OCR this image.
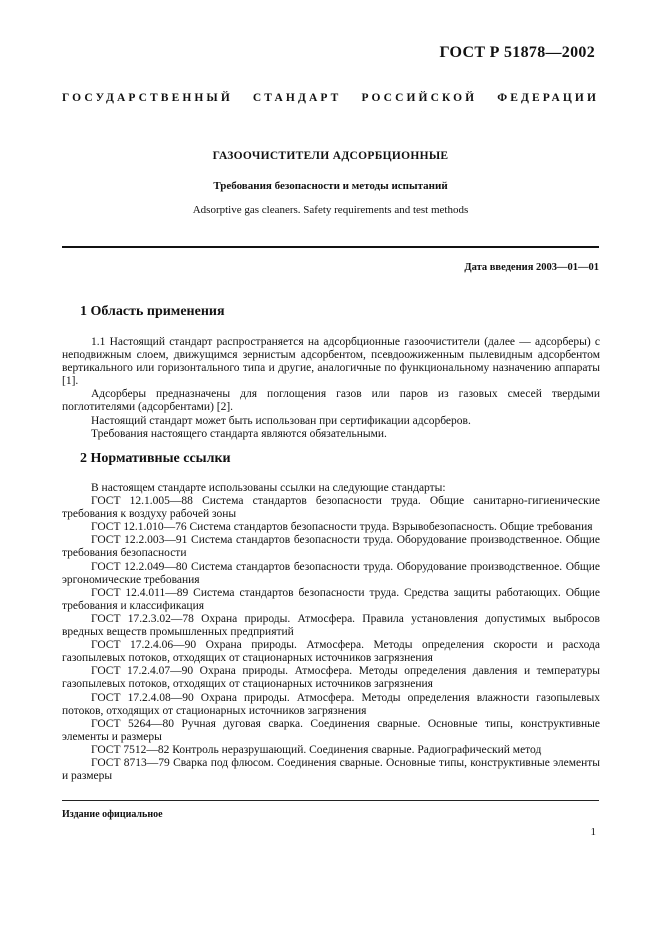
ГОСТ Р 51878—2002
ГОСУДАРСТВЕННЫЙ СТАНДАРТ РОССИЙСКОЙ ФЕДЕРАЦИИ
ГАЗООЧИСТИТЕЛИ АДСОРБЦИОННЫЕ
Требования безопасности и методы испытаний
Adsorptive gas cleaners. Safety requirements and test methods
Дата введения 2003—01—01
1 Область применения

1.1 Настоящий стандарт распространяется на адсорбционные газоочистители (далее — адсорберы) с неподвижным слоем, движущимся зернистым адсорбентом, псевдоожиженным пылевидным адсорбентом вертикального или горизонтального типа и другие, аналогичные по функциональному назначению аппараты [1].

Адсорберы предназначены для поглощения газов или паров из газовых смесей твердыми поглотителями (адсорбентами) [2].

Настоящий стандарт может быть использован при сертификации адсорберов.

Требования настоящего стандарта являются обязательными.

2 Нормативные ссылки

В настоящем стандарте использованы ссылки на следующие стандарты:

ГОСТ 12.1.005—88 Система стандартов безопасности труда. Общие санитарно-гигиенические требования к воздуху рабочей зоны

ГОСТ 12.1.010—76 Система стандартов безопасности труда. Взрывобезопасность. Общие требования

ГОСТ 12.2.003—91 Система стандартов безопасности труда. Оборудование производственное. Общие требования безопасности

ГОСТ 12.2.049—80 Система стандартов безопасности труда. Оборудование производственное. Общие эргономические требования

ГОСТ 12.4.011—89 Система стандартов безопасности труда. Средства защиты работающих. Общие требования и классификация

ГОСТ 17.2.3.02—78 Охрана природы. Атмосфера. Правила установления допустимых выбросов вредных веществ промышленных предприятий

ГОСТ 17.2.4.06—90 Охрана природы. Атмосфера. Методы определения скорости и расхода газопылевых потоков, отходящих от стационарных источников загрязнения

ГОСТ 17.2.4.07—90 Охрана природы. Атмосфера. Методы определения давления и температуры газопылевых потоков, отходящих от стационарных источников загрязнения

ГОСТ 17.2.4.08—90 Охрана природы. Атмосфера. Методы определения влажности газопылевых потоков, отходящих от стационарных источников загрязнения

ГОСТ 5264—80 Ручная дуговая сварка. Соединения сварные. Основные типы, конструктивные элементы и размеры

ГОСТ 7512—82 Контроль неразрушающий. Соединения сварные. Радиографический метод

ГОСТ 8713—79 Сварка под флюсом. Соединения сварные. Основные типы, конструктивные элементы и размеры

Издание официальное
1
